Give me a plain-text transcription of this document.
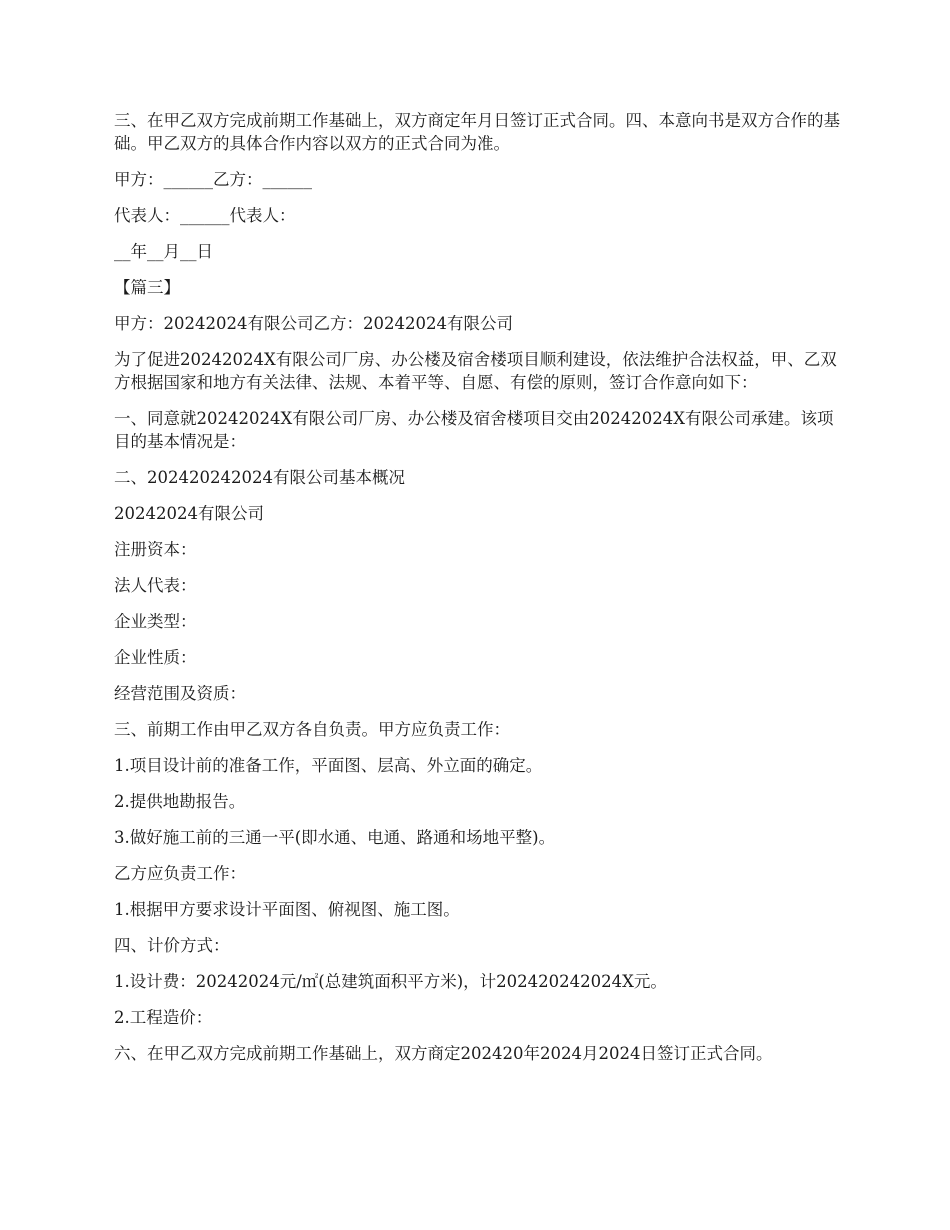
三、在甲乙双方完成前期工作基础上，双方商定年月日签订正式合同。四、本意向书是双方合作的基础。甲乙双方的具体合作内容以双方的正式合同为准。

甲方：______乙方：______

代表人：______代表人：

__年__月__日

【篇三】

甲方：20242024有限公司乙方：20242024有限公司

为了促进20242024X有限公司厂房、办公楼及宿舍楼项目顺利建设，依法维护合法权益，甲、乙双方根据国家和地方有关法律、法规、本着平等、自愿、有偿的原则，签订合作意向如下：

一、同意就20242024X有限公司厂房、办公楼及宿舍楼项目交由20242024X有限公司承建。该项目的基本情况是：

二、202420242024有限公司基本概况

20242024有限公司

注册资本：

法人代表：

企业类型：

企业性质：

经营范围及资质：

三、前期工作由甲乙双方各自负责。甲方应负责工作：

1.项目设计前的准备工作，平面图、层高、外立面的确定。

2.提供地勘报告。

3.做好施工前的三通一平(即水通、电通、路通和场地平整)。

乙方应负责工作：

1.根据甲方要求设计平面图、俯视图、施工图。

四、计价方式：

1.设计费：20242024元/㎡(总建筑面积平方米)，计202420242024X元。

2.工程造价：

六、在甲乙双方完成前期工作基础上，双方商定202420年2024月2024日签订正式合同。
